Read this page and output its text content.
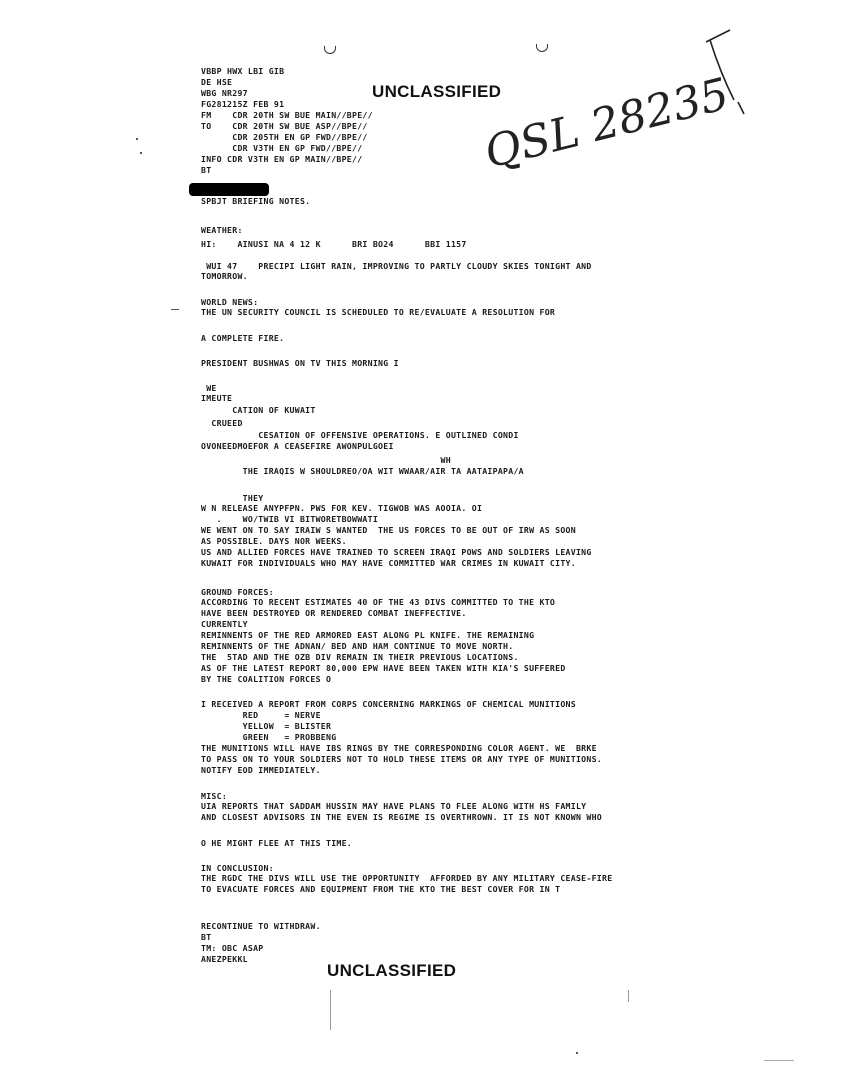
UNCLASSIFIED
QSL 28235
VBBP HWX LBI GIB
DE HSE
WBG NR297
FG281215Z FEB 91
FM    CDR 20TH SW BUE MAIN//BPE//
TO    CDR 20TH SW BUE ASP//BPE//
CDR 205TH EN GP FWD//BPE//
CDR V3TH EN GP FWD//BPE//
INFO CDR V3TH EN GP MAIN//BPE//
BT
SPBJT BRIEFING NOTES.
WEATHER:
HI:    AINUSI NA 4 12 K      BRI BO24      BBI 1157
WUI 47    PRECIPI LIGHT RAIN, IMPROVING TO PARTLY CLOUDY SKIES TONIGHT AND
TOMORROW.
WORLD NEWS:
THE UN SECURITY COUNCIL IS SCHEDULED TO RE/EVALUATE A RESOLUTION FOR
A COMPLETE FIRE.
PRESIDENT BUSHWAS ON TV THIS MORNING I
WE
IMEUTE
CATION OF KUWAIT
CRUEED
CESATION OF OFFENSIVE OPERATIONS. E OUTLINED CONDI
OVONEEDMOEFOR A CEASEFIRE AWONPULGOEI
WH
THE IRAQIS W SHOULDREO/OA WIT WWAAR/AIR TA AATAIPAPA/A
THEY
W N RELEASE ANYPFPN. PWS FOR KEV. TIGWOB WAS AOOIA. OI
.    WO/TWIB VI BITWORETBOWWATI
WE WENT ON TO SAY IRAIW S WANTED  THE US FORCES TO BE OUT OF IRW AS SOON
AS POSSIBLE. DAYS NOR WEEKS.
US AND ALLIED FORCES HAVE TRAINED TO SCREEN IRAQI POWS AND SOLDIERS LEAVING
KUWAIT FOR INDIVIDUALS WHO MAY HAVE COMMITTED WAR CRIMES IN KUWAIT CITY.
GROUND FORCES:
ACCORDING TO RECENT ESTIMATES 40 OF THE 43 DIVS COMMITTED TO THE KTO
HAVE BEEN DESTROYED OR RENDERED COMBAT INEFFECTIVE.
CURRENTLY
REMINNENTS OF THE RED ARMORED EAST ALONG PL KNIFE. THE REMAINING
REMINNENTS OF THE ADNAN/ BED AND HAM CONTINUE TO MOVE NORTH.
THE  5TAD AND THE OZB DIV REMAIN IN THEIR PREVIOUS LOCATIONS.
AS OF THE LATEST REPORT 80,000 EPW HAVE BEEN TAKEN WITH KIA'S SUFFERED
BY THE COALITION FORCES O
I RECEIVED A REPORT FROM CORPS CONCERNING MARKINGS OF CHEMICAL MUNITIONS
RED     = NERVE
YELLOW  = BLISTER
GREEN   = PROBBENG
THE MUNITIONS WILL HAVE IBS RINGS BY THE CORRESPONDING COLOR AGENT. WE  BRKE
TO PASS ON TO YOUR SOLDIERS NOT TO HOLD THESE ITEMS OR ANY TYPE OF MUNITIONS.
NOTIFY EOD IMMEDIATELY.
MISC:
UIA REPORTS THAT SADDAM HUSSIN MAY HAVE PLANS TO FLEE ALONG WITH HS FAMILY
AND CLOSEST ADVISORS IN THE EVEN IS REGIME IS OVERTHROWN. IT IS NOT KNOWN WHO
O HE MIGHT FLEE AT THIS TIME.
IN CONCLUSION:
THE RGDC THE DIVS WILL USE THE OPPORTUNITY  AFFORDED BY ANY MILITARY CEASE-FIRE
TO EVACUATE FORCES AND EQUIPMENT FROM THE KTO THE BEST COVER FOR IN T
RECONTINUE TO WITHDRAW.
BT
TM: OBC ASAP
ANEZPEKKL
UNCLASSIFIED
